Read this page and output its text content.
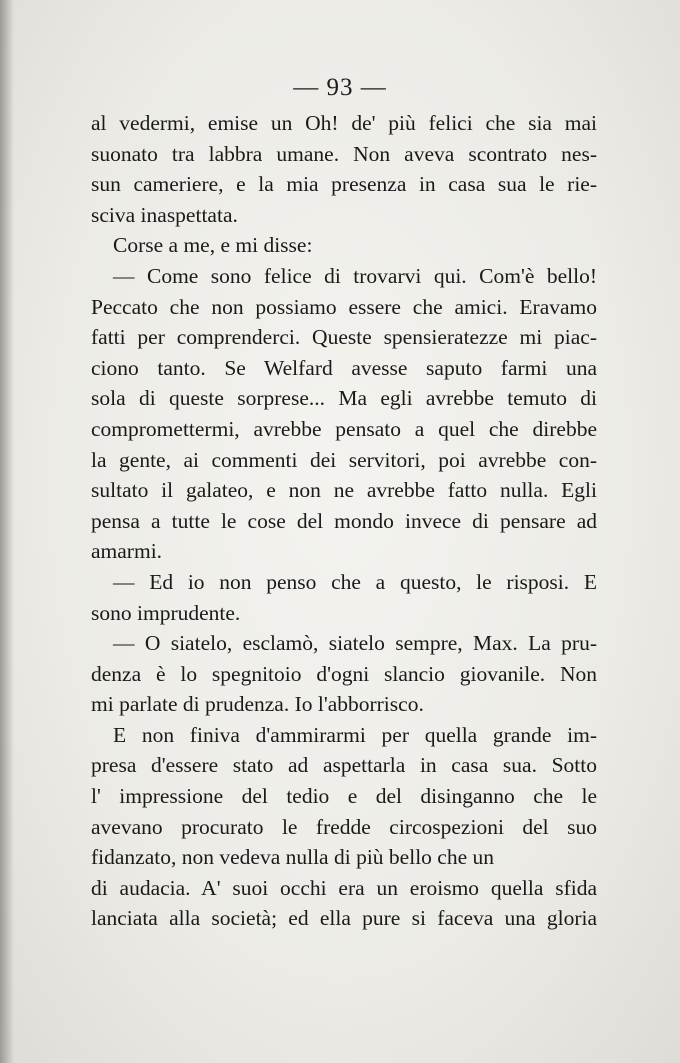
— 93 —
al vedermi, emise un Oh! de' più felici che sia mai
suonato tra labbra umane. Non aveva scontrato nes-
sun cameriere, e la mia presenza in casa sua le rie-
sciva inaspettata.
Corse a me, e mi disse:
— Come sono felice di trovarvi qui. Com'è bello!
Peccato che non possiamo essere che amici. Eravamo
fatti per comprenderci. Queste spensieratezze mi piac-
ciono tanto. Se Welfard avesse saputo farmi una
sola di queste sorprese... Ma egli avrebbe temuto di
compromettermi, avrebbe pensato a quel che direbbe
la gente, ai commenti dei servitori, poi avrebbe con-
sultato il galateo, e non ne avrebbe fatto nulla. Egli
pensa a tutte le cose del mondo invece di pensare ad
amarmi.
— Ed io non penso che a questo, le risposi. E
sono imprudente.
— O siatelo, esclamò, siatelo sempre, Max. La pru-
denza è lo spegnitoio d'ogni slancio giovanile. Non
mi parlate di prudenza. Io l'abborrisco.
E non finiva d'ammirarmi per quella grande im-
presa d'essere stato ad aspettarla in casa sua. Sotto
l' impressione del tedio e del disinganno che le
avevano procurato le fredde circospezioni del suo
fidanzato, non vedeva nulla di più bello che un
di audacia. A' suoi occhi era un eroismo quella sfida
lanciata alla società; ed ella pure si faceva una gloria
